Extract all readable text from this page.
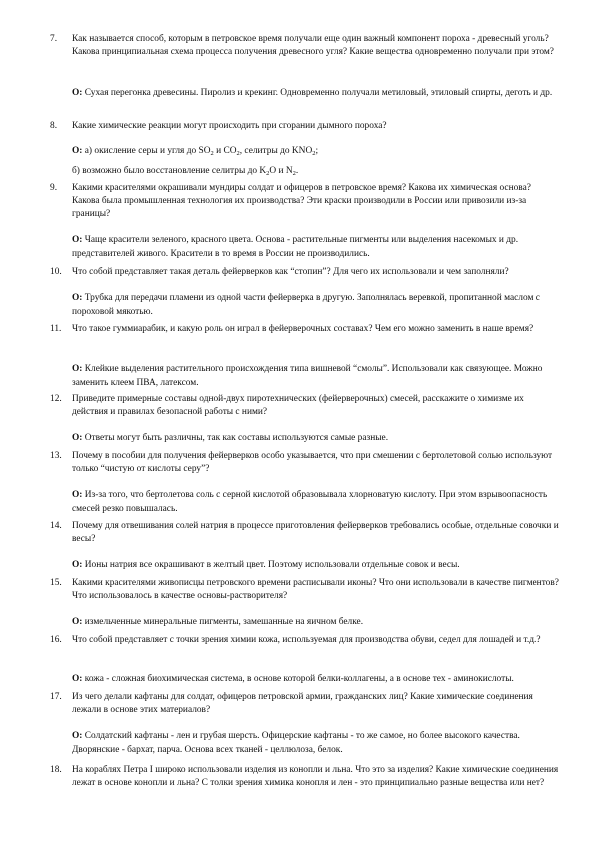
7.	Как называется способ, которым в петровское время получали еще один важный компонент пороха - древесный уголь? Какова принципиальная схема процесса получения древесного угля? Какие вещества одновременно получали при этом?
О: Сухая перегонка древесины. Пиролиз и крекинг. Одновременно получали метиловый, этиловый спирты, деготь и др.
8.	Какие химические реакции могут происходить при сгорании дымного пороха?
О: а) окисление серы и угля до $SO_2$ и $CO_2$, селитры до $KNO_2$;
б) возможно было восстановление селитры до $K_2O$ и $N_2$.
9.	Какими красителями окрашивали мундиры солдат и офицеров в петровское время? Какова их химическая основа? Какова была промышленная технология их производства? Эти краски производили в России или привозили из-за границы?
О: Чаще красители зеленого, красного цвета. Основа - растительные пигменты или выделения насекомых и др. представителей живого. Красители в то время в России не производились.
10.	Что собой представляет такая деталь фейерверков как “стопин”? Для чего их использовали и чем заполняли?
О: Трубка для передачи пламени из одной части фейерверка в другую. Заполнялась веревкой, пропитанной маслом с пороховой мякотью.
11.	Что такое гуммиарабик, и какую роль он играл в фейерверочных составах? Чем его можно заменить в наше время?
О: Клейкие выделения растительного происхождения типа вишневой “смолы”. Использовали как связующее. Можно заменить клеем ПВА, латексом.
12.	Приведите примерные составы одной-двух пиротехнических (фейерверочных) смесей, расскажите о химизме их действия и правилах безопасной работы с ними?
О: Ответы могут быть различны, так как составы используются самые разные.
13.	Почему в пособии для получения фейерверков особо указывается, что при смешении с бертолетовой солью используют только “чистую от кислоты серу”?
О: Из-за того, что бертолетова соль с серной кислотой образовывала хлорноватую кислоту. При этом взрывоопасность смесей резко повышалась.
14.	Почему для отвешивания солей натрия в процессе приготовления фейерверков требовались особые, отдельные совочки и весы?
О: Ионы натрия все окрашивают в желтый цвет. Поэтому использовали отдельные совок и весы.
15.	Какими красителями живописцы петровского времени расписывали иконы? Что они использовали в качестве пигментов? Что использовалось в качестве основы-растворителя?
О: измельченные минеральные пигменты, замешанные на яичном белке.
16.	Что собой представляет с точки зрения химии кожа, используемая для производства обуви, седел для лошадей и т.д.?
О: кожа - сложная биохимическая система, в основе которой белки-коллагены, а в основе тех - аминокислоты.
17.	Из чего делали кафтаны для солдат, офицеров петровской армии, гражданских лиц? Какие химические соединения лежали в основе этих материалов?
О: Солдатский кафтаны - лен и грубая шерсть. Офицерские кафтаны - то же самое, но более высокого качества. Дворянские - бархат, парча. Основа всех тканей - целлюлоза, белок.
18.	На кораблях Петра I широко использовали изделия из конопли и льна. Что это за изделия? Какие химические соединения лежат в основе конопли и льна? С толки зрения химика конопля и лен - это принципиально разные вещества или нет?
